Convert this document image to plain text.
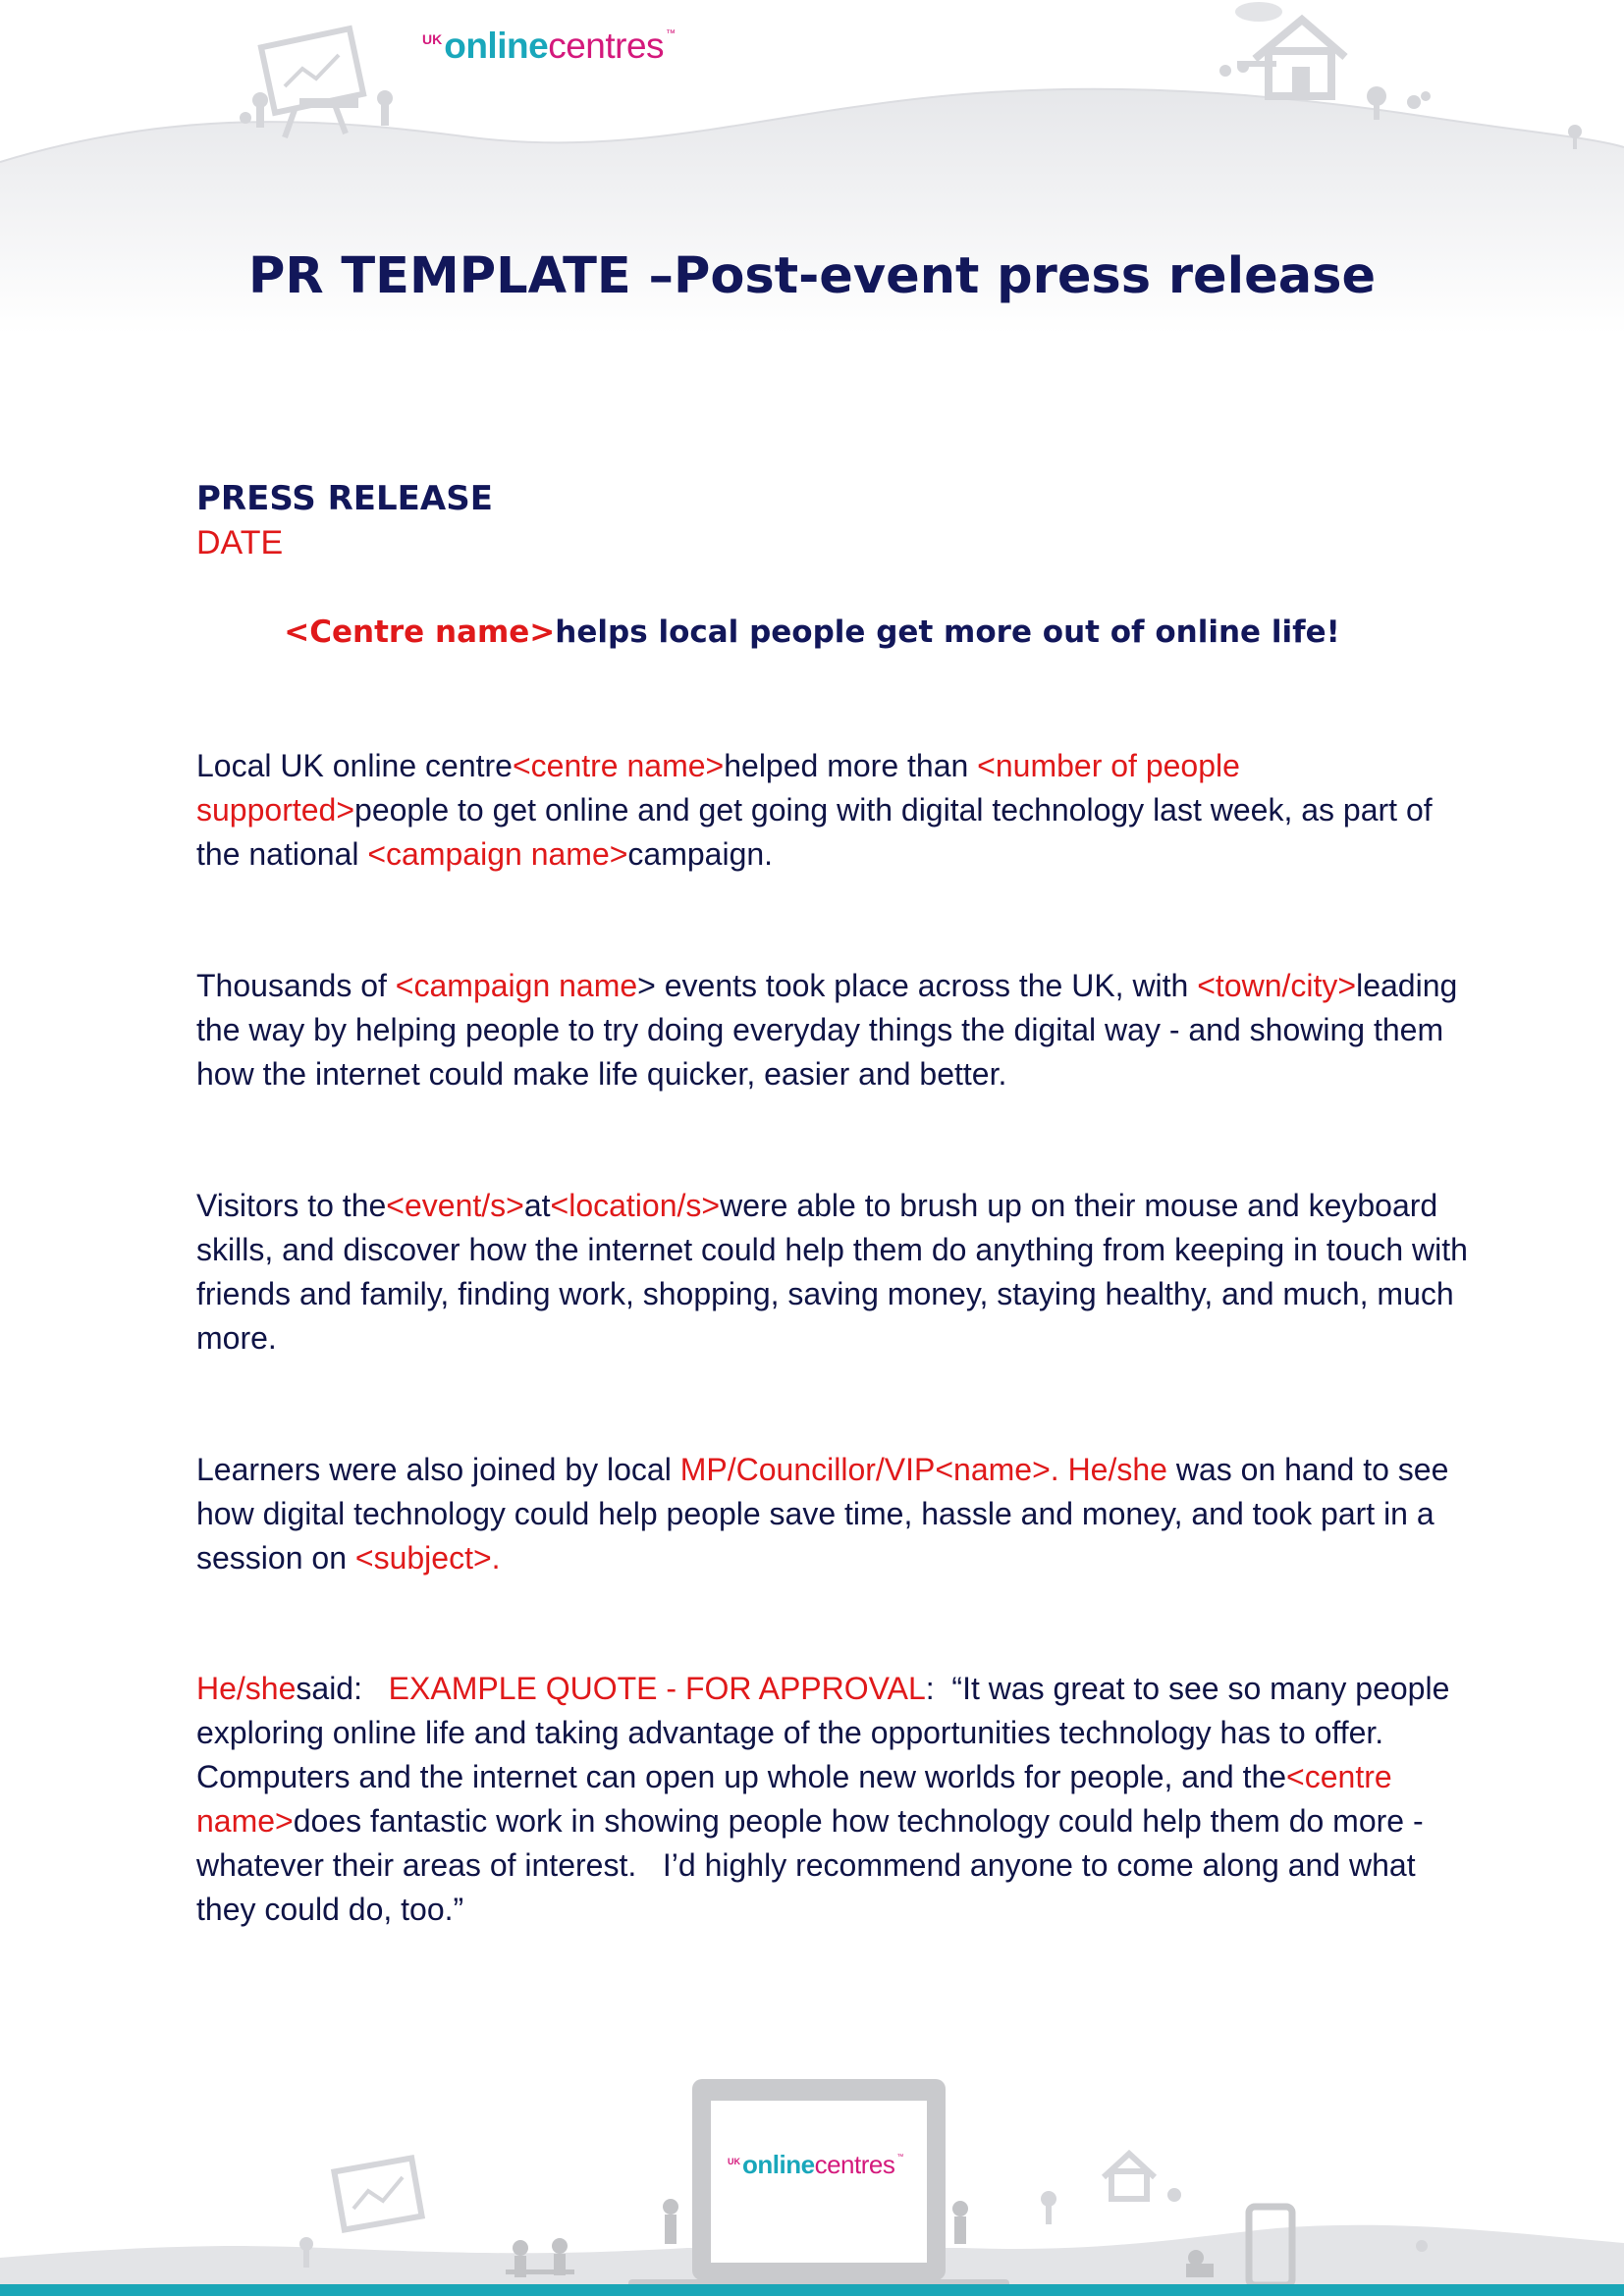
UKonlinecentres ™
PR TEMPLATE –Post-event press release
PRESS RELEASE
DATE
<Centre name>helps local people get more out of online life!

Local UK online centre<centre name>helped more than <number of people supported>people to get online and get going with digital technology last week, as part of the national <campaign name>campaign.

Thousands of <campaign name> events took place across the UK, with <town/city>leading the way by helping people to try doing everyday things the digital way - and showing them how the internet could make life quicker, easier and better.

Visitors to the<event/s>at<location/s>were able to brush up on their mouse and keyboard skills, and discover how the internet could help them do anything from keeping in touch with friends and family, finding work, shopping, saving money, staying healthy, and much, much more.

Learners were also joined by local MP/Councillor/VIP<name>. He/she was on hand to see how digital technology could help people save time, hassle and money, and took part in a session on <subject>.

He/shesaid:   EXAMPLE QUOTE - FOR APPROVAL:  “It was great to see so many people exploring online life and taking advantage of the opportunities technology has to offer.  Computers and the internet can open up whole new worlds for people, and the<centre name>does fantastic work in showing people how technology could help them do more - whatever their areas of interest.   I’d highly recommend anyone to come along and what they could do, too.”

$^{UK}$onlinecentres ™
